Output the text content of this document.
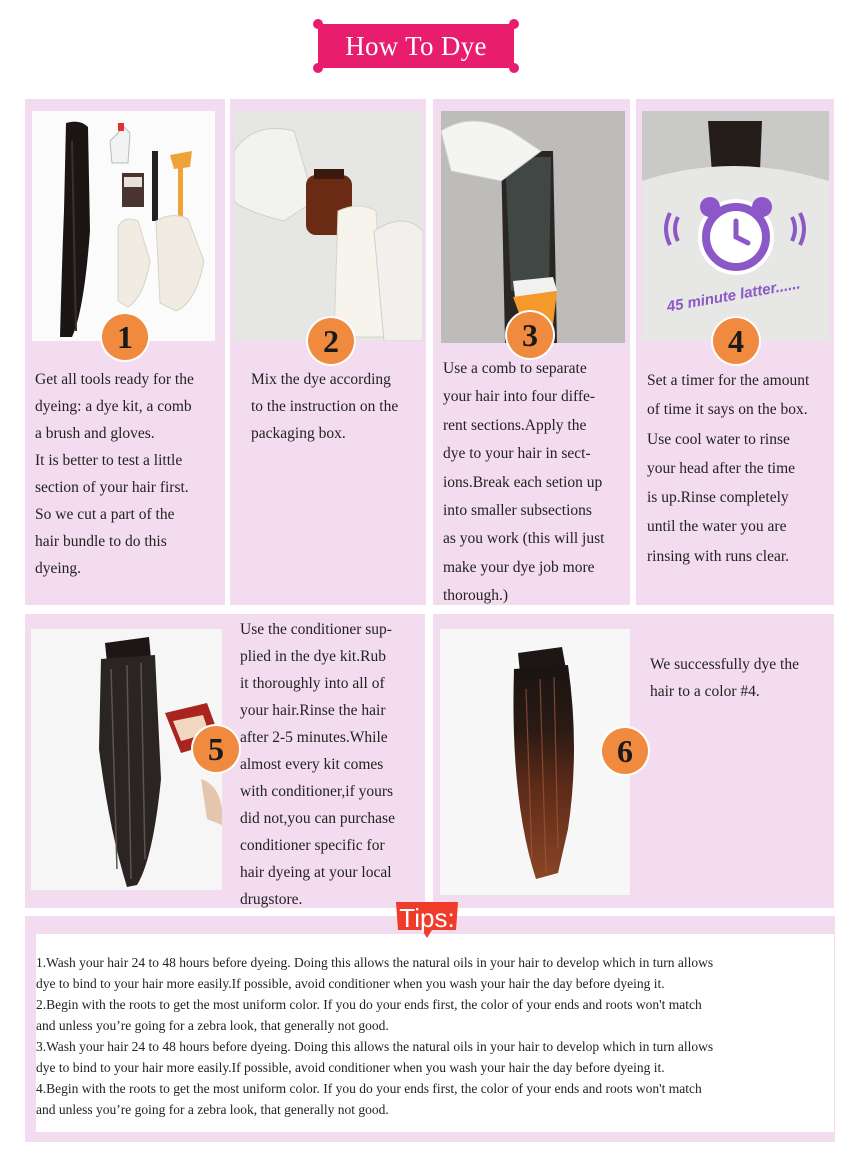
How To Dye
1
Get all tools ready for the
dyeing: a dye kit, a comb
a brush and gloves.
It is better to test a little
section of your hair first.
So we cut a part of the
hair bundle to do this
dyeing.
2
Mix the dye according
to the instruction on the
packaging box.
3
Use a comb to separate
your hair into four diffe-
rent sections.Apply the
dye to your hair in sect-
ions.Break each setion up
into smaller subsections
as you work (this will just
make your dye job more
thorough.)
45 minute latter......
4
Set a timer for the amount
of time it says on the box.
Use cool water to rinse
your head after the time
is up.Rinse completely
until the water you are
rinsing with runs clear.
5
Use the conditioner sup-
plied in the dye kit.Rub
it thoroughly into all of
your hair.Rinse the hair
after 2-5 minutes.While
almost every kit comes
with conditioner,if yours
did not,you can purchase
conditioner specific for
hair dyeing at your local
drugstore.
6
We successfully dye the
hair to a color #4.
1.Wash your hair 24 to 48 hours before dyeing. Doing this allows the natural oils in your hair to develop which in turn allows
dye to bind to your hair more easily.If possible, avoid conditioner when you wash your hair the day before dyeing it.
2.Begin with the roots to get the most uniform color. If you do your ends first, the color of your ends and roots won't match
and unless you’re going for a zebra look, that generally not good.
3.Wash your hair 24 to 48 hours before dyeing. Doing this allows the natural oils in your hair to develop which in turn allows
dye to bind to your hair more easily.If possible, avoid conditioner when you wash your hair the day before dyeing it.
4.Begin with the roots to get the most uniform color. If you do your ends first, the color of your ends and roots won't match
and unless you’re going for a zebra look, that generally not good.
Tips:
